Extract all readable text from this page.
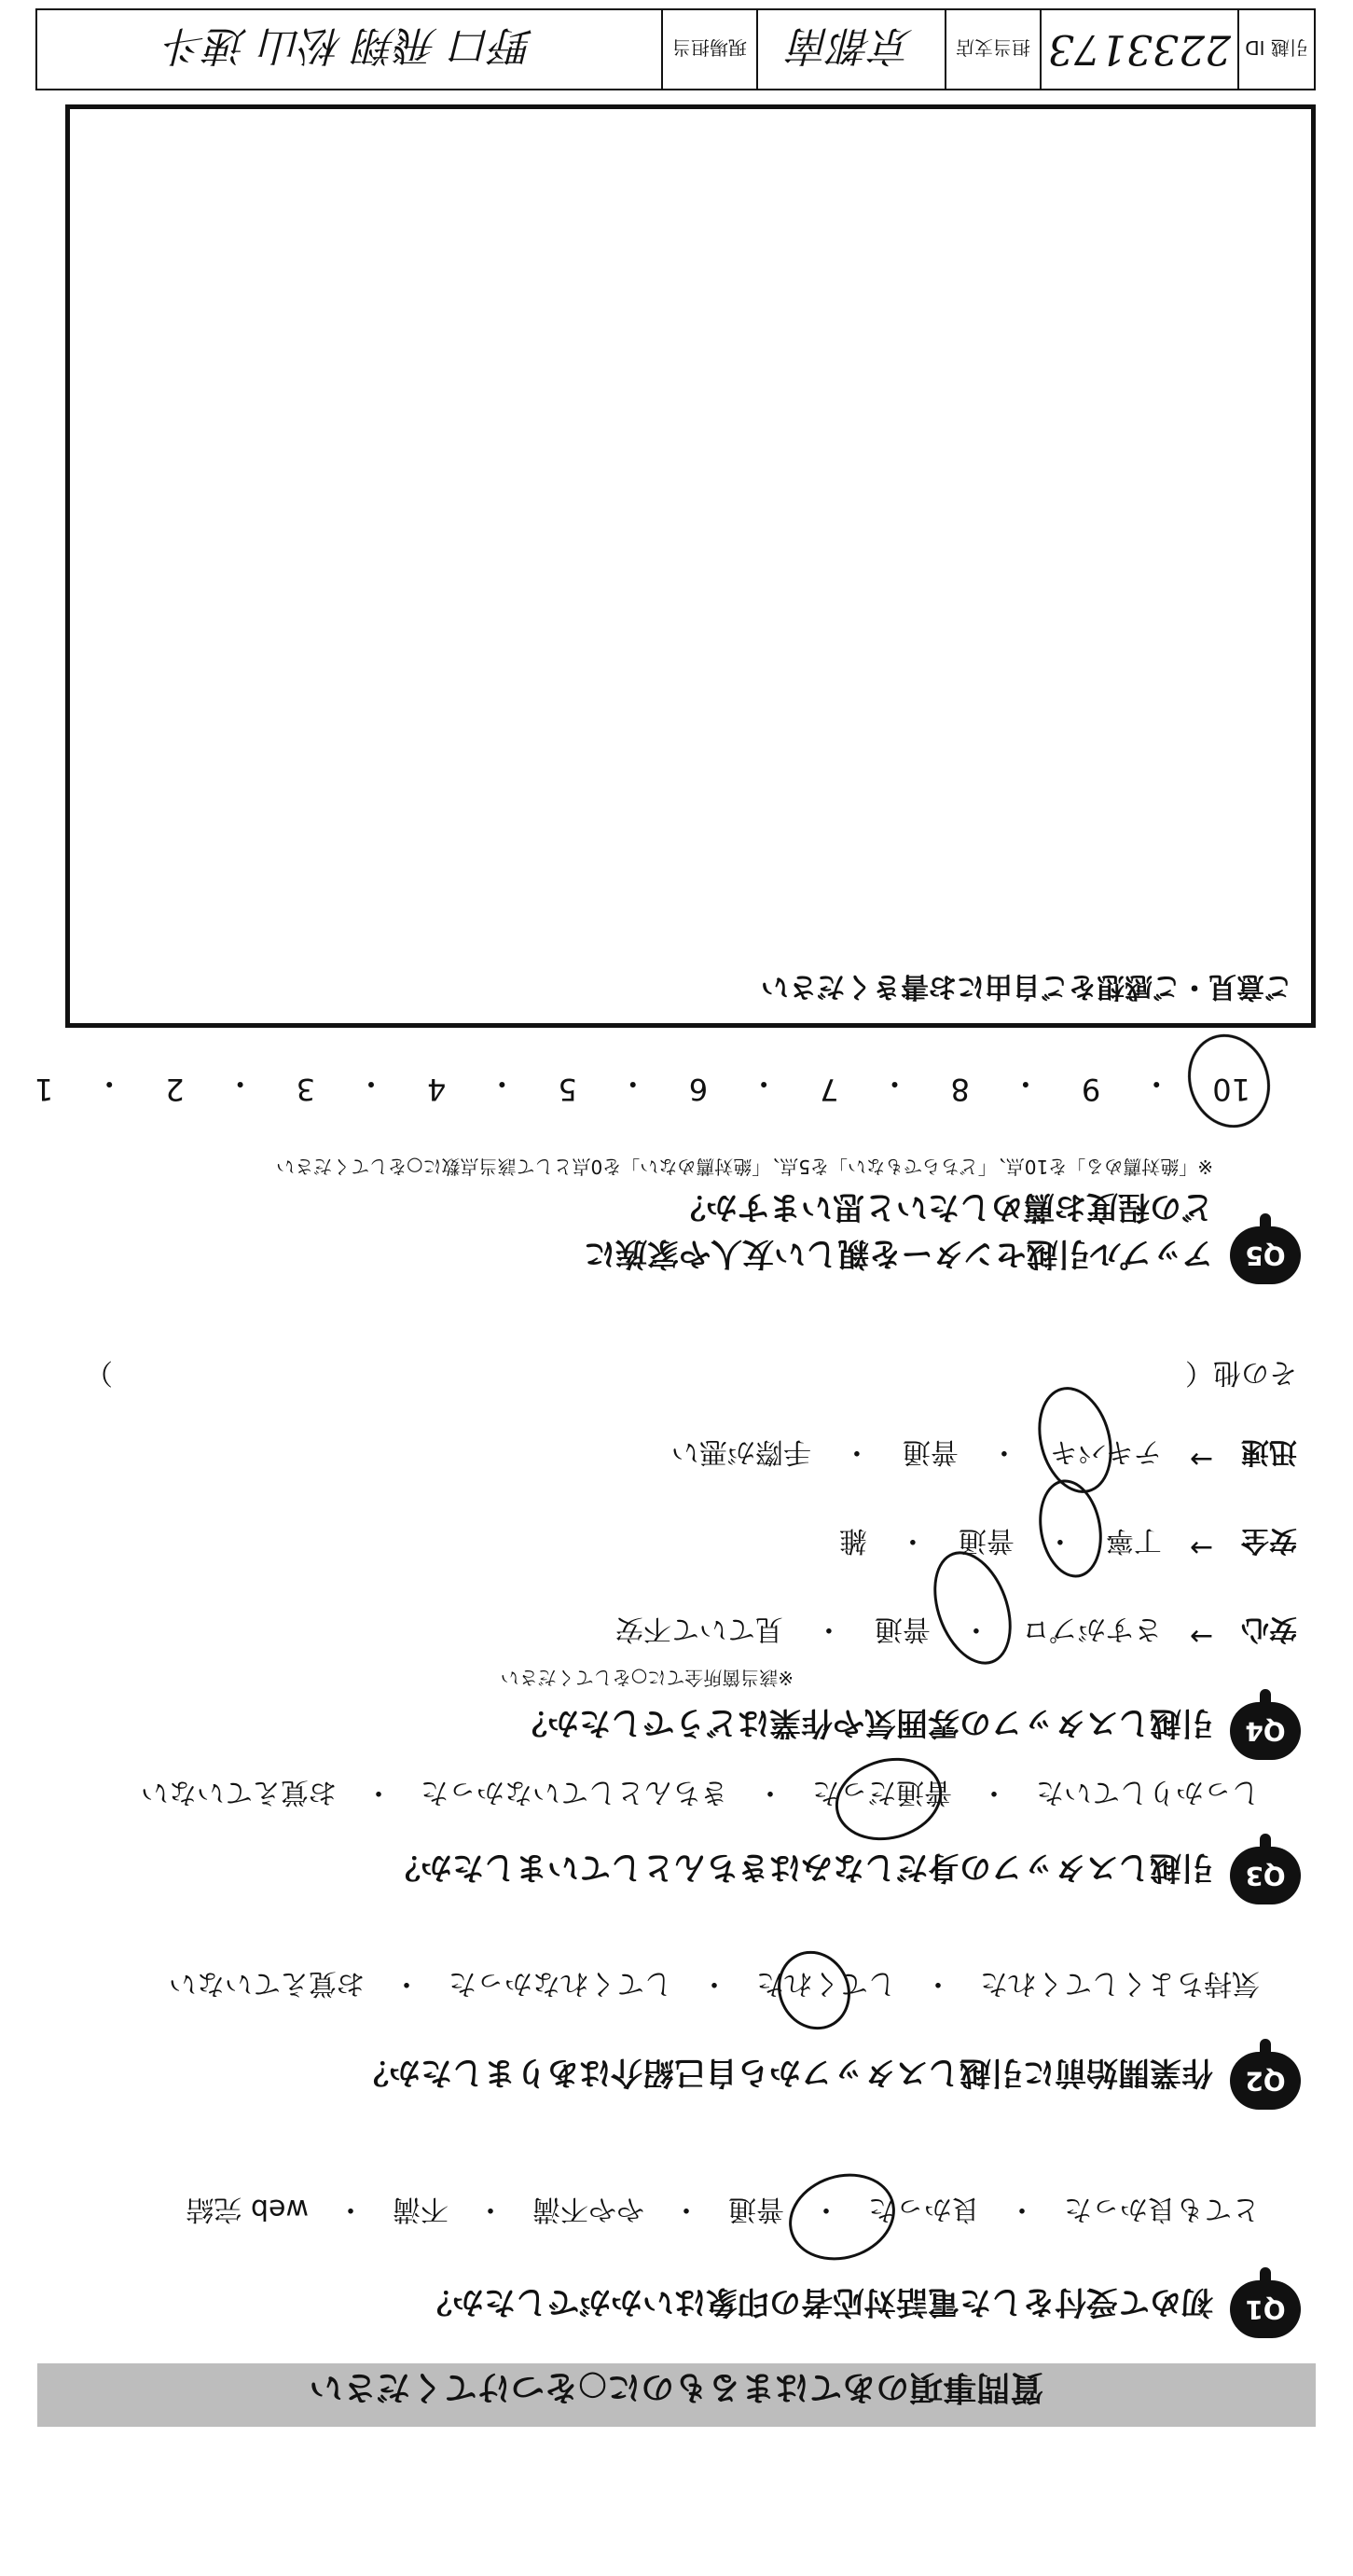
質問事項のあてはまるものに○をつけてください
Q1
初めて受付をした電話対応者の印象はいかがでしたか？
とても良かった
・
良かった
・
普通
・
やや不満
・
不満
・
web 完結
Q2
作業開始前に引越しスタッフから自己紹介はありましたか？
気持ちよくしてくれた
・
してくれた
・
してくれなかった
・
お覚えていない
Q3
引越しスタッフの身だしなみはきちんとしていましたか？
しっかりしていた
・
普通だった
・
きちんとしていなかった
・
お覚えていない
Q4
引越しスタッフの雰囲気や作業はどうでしたか？
※該当箇所全てに○をしてください
安心
→
さすがプロ
・
普通
・
見ていて不安
安全
→
丁寧
・
普通
・
雑
迅速
→
テキパキ
・
普通
・
手際が悪い
その他（
）
Q5
アップル引越センターを親しい友人や家族に
どの程度お薦めしたいと思いますか？
※「絶対薦める」を10点、「どちらでもない」を5点、「絶対薦めない」を0点として該当点数に○をしてください
10
・
9
・
8
・
7
・
6
・
5
・
4
・
3
・
2
・
1
ご意見・ご感想をご自由にお書きください
引越 ID
2233173
担当支店
京都南
現場担当
野口 飛翔 松山 速斗
